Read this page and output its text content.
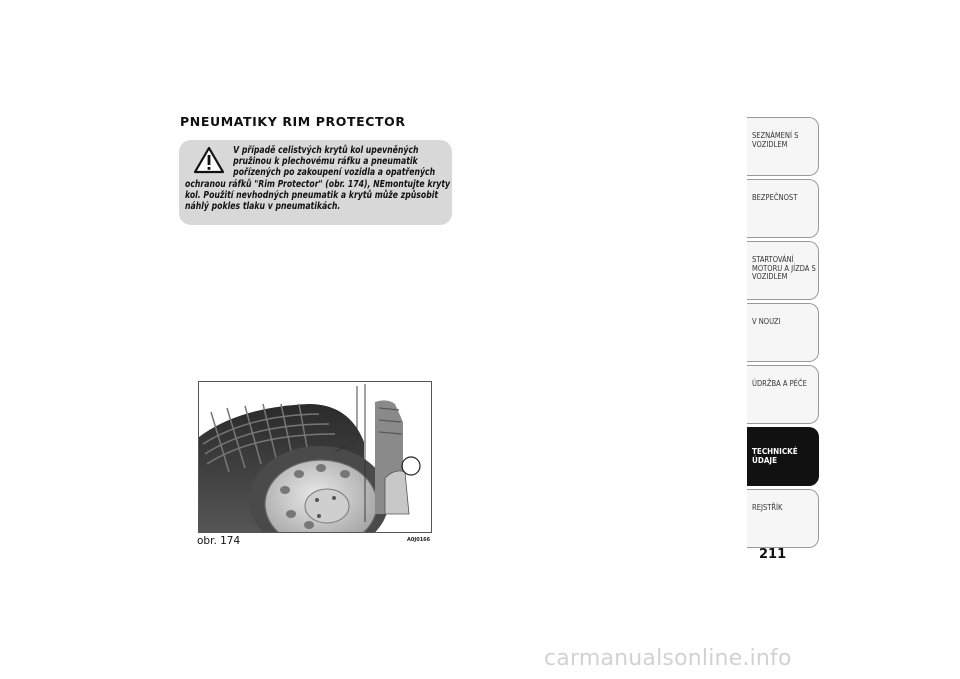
PNEUMATIKY RIM PROTECTOR

V případě celistvých krytů kol upevněných pružinou k plechovému ráfku a pneumatik pořízených po zakoupení vozidla a opatřených ochranou ráfků "Rim Protector" (obr. 174), NEmontujte kryty kol. Použití nevhodných pneumatik a krytů může způsobit náhlý pokles tlaku v pneumatikách.

obr. 174	A0J0166
SEZNÁMENÍ S VOZIDLEM
BEZPEČNOST
STARTOVÁNÍ MOTORU A JÍZDA S VOZIDLEM
V NOUZI
ÚDRŽBA A PÉČE
TECHNICKÉ ÚDAJE
REJSTŘÍK
211
carmanualsonline.info
